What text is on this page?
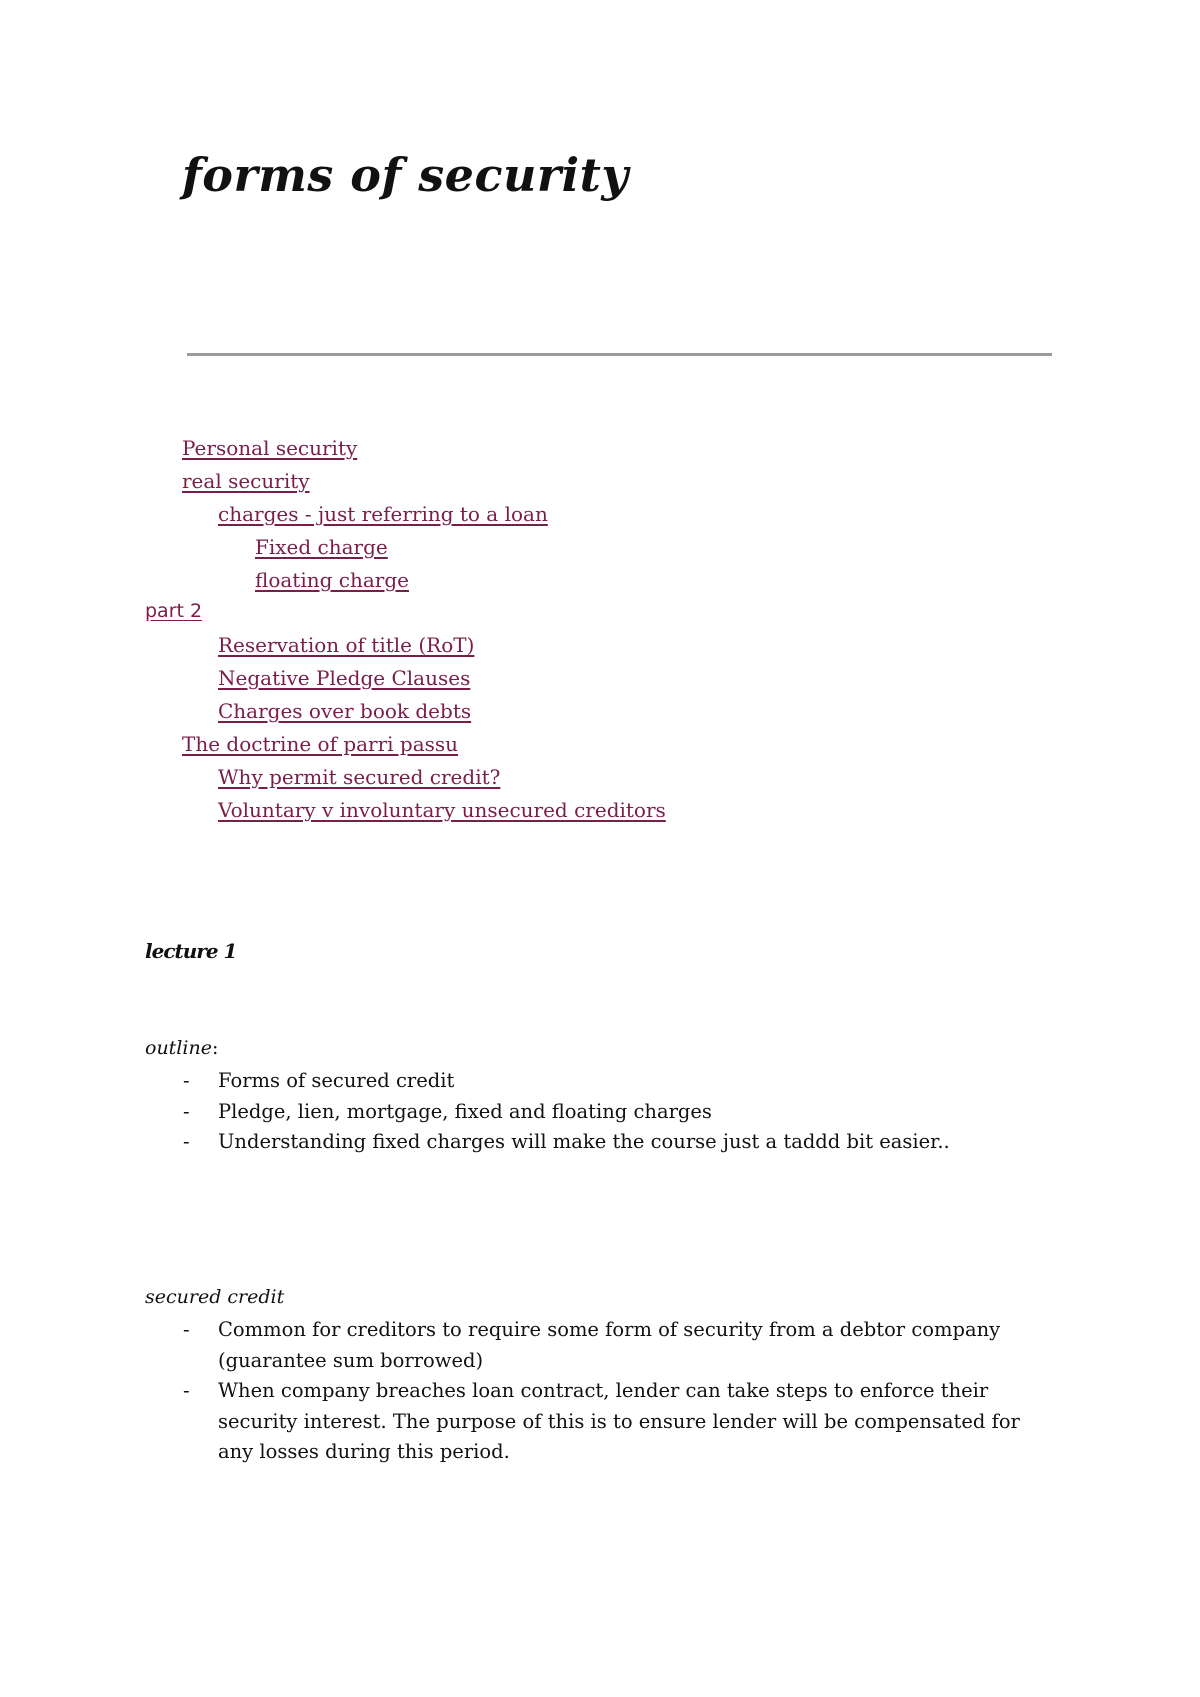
forms of security
Personal security
real security
charges - just referring to a loan
Fixed charge
floating charge
part 2
Reservation of title (RoT)
Negative Pledge Clauses
Charges over book debts
The doctrine of parri passu
Why permit secured credit?
Voluntary v involuntary unsecured creditors

lecture 1

outline:

- Forms of secured credit
- Pledge, lien, mortgage, fixed and floating charges
- Understanding fixed charges will make the course just a taddd bit easier..

secured credit

- Common for creditors to require some form of security from a debtor company (guarantee sum borrowed)
- When company breaches loan contract, lender can take steps to enforce their security interest. The purpose of this is to ensure lender will be compensated for any losses during this period.
